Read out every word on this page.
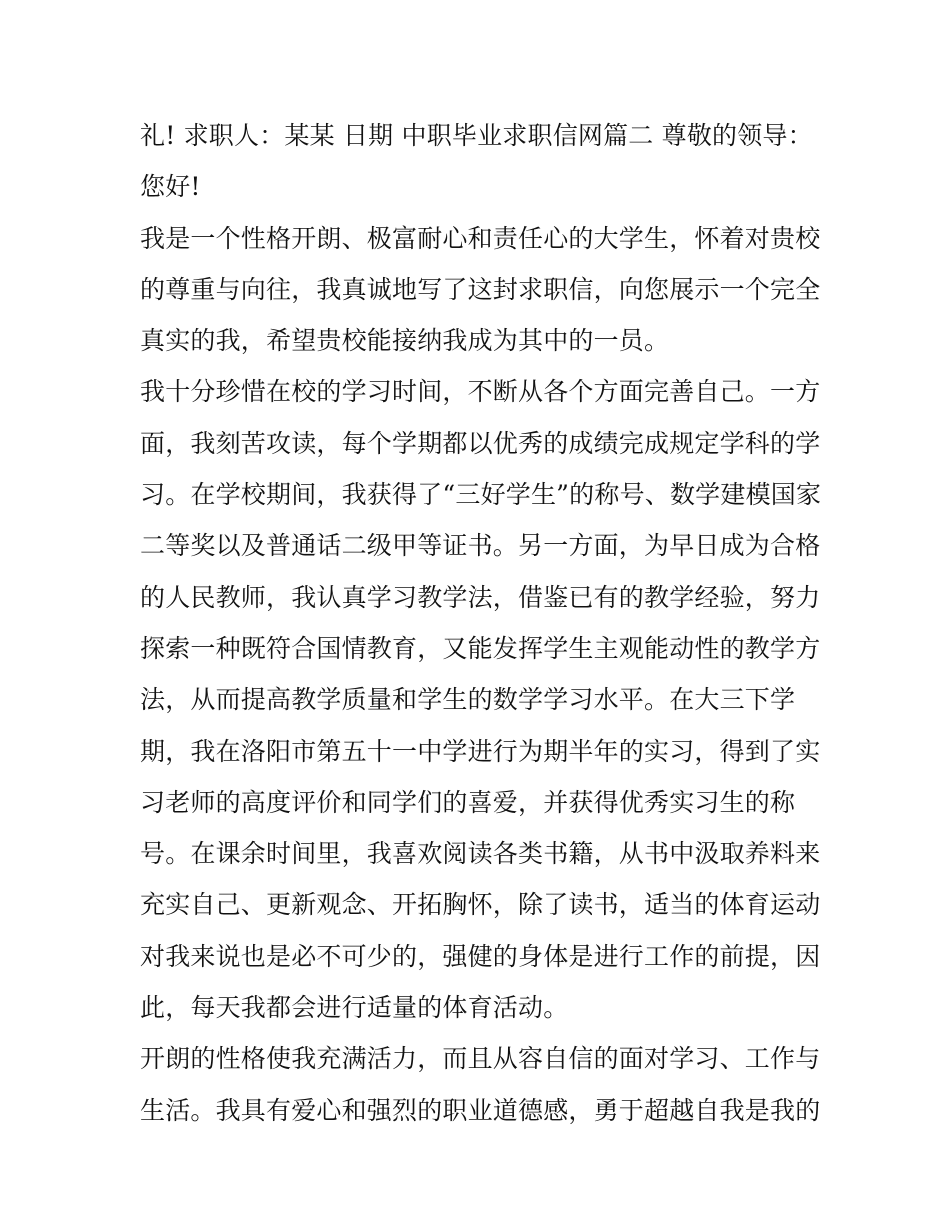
礼! 求职人：某某 日期 中职毕业求职信网篇二 尊敬的领导：
您好!
我是一个性格开朗、极富耐心和责任心的大学生，怀着对贵校
的尊重与向往，我真诚地写了这封求职信，向您展示一个完全
真实的我，希望贵校能接纳我成为其中的一员。
我十分珍惜在校的学习时间，不断从各个方面完善自己。一方
面，我刻苦攻读，每个学期都以优秀的成绩完成规定学科的学
习。在学校期间，我获得了“三好学生”的称号、数学建模国家
二等奖以及普通话二级甲等证书。另一方面，为早日成为合格
的人民教师，我认真学习教学法，借鉴已有的教学经验，努力
探索一种既符合国情教育，又能发挥学生主观能动性的教学方
法，从而提高教学质量和学生的数学学习水平。在大三下学
期，我在洛阳市第五十一中学进行为期半年的实习，得到了实
习老师的高度评价和同学们的喜爱，并获得优秀实习生的称
号。在课余时间里，我喜欢阅读各类书籍，从书中汲取养料来
充实自己、更新观念、开拓胸怀，除了读书，适当的体育运动
对我来说也是必不可少的，强健的身体是进行工作的前提，因
此，每天我都会进行适量的体育活动。
开朗的性格使我充满活力，而且从容自信的面对学习、工作与
生活。我具有爱心和强烈的职业道德感，勇于超越自我是我的
